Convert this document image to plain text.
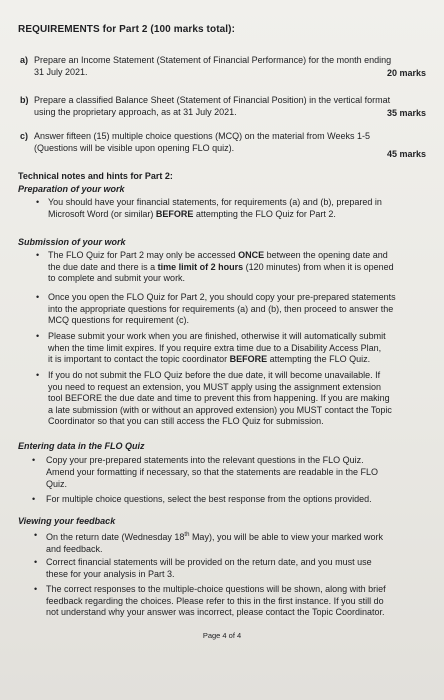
REQUIREMENTS for Part 2 (100 marks total):
a) Prepare an Income Statement (Statement of Financial Performance) for the month ending
31 July 2021.	20 marks
b) Prepare a classified Balance Sheet (Statement of Financial Position) in the vertical format
using the proprietary approach, as at 31 July 2021.	35 marks
c) Answer fifteen (15) multiple choice questions (MCQ) on the material from Weeks 1-5
(Questions will be visible upon opening FLO quiz).
45 marks
Technical notes and hints for Part 2:
Preparation of your work
• You should have your financial statements, for requirements (a) and (b), prepared in
Microsoft Word (or similar) BEFORE attempting the FLO Quiz for Part 2.
Submission of your work
• The FLO Quiz for Part 2 may only be accessed ONCE between the opening date and
the due date and there is a time limit of 2 hours (120 minutes) from when it is opened
to complete and submit your work.
• Once you open the FLO Quiz for Part 2, you should copy your pre-prepared statements
into the appropriate questions for requirements (a) and (b), then proceed to answer the
MCQ questions for requirement (c).
• Please submit your work when you are finished, otherwise it will automatically submit
when the time limit expires. If you require extra time due to a Disability Access Plan,
it is important to contact the topic coordinator BEFORE attempting the FLO Quiz.
• If you do not submit the FLO Quiz before the due date, it will become unavailable. If
you need to request an extension, you MUST apply using the assignment extension
tool BEFORE the due date and time to prevent this from happening. If you are making
a late submission (with or without an approved extension) you MUST contact the Topic
Coordinator so that you can still access the FLO Quiz for submission.
Entering data in the FLO Quiz
• Copy your pre-prepared statements into the relevant questions in the FLO Quiz.
Amend your formatting if necessary, so that the statements are readable in the FLO
Quiz.
• For multiple choice questions, select the best response from the options provided.
Viewing your feedback
• On the return date (Wednesday 18th May), you will be able to view your marked work
and feedback.
• Correct financial statements will be provided on the return date, and you must use
these for your analysis in Part 3.
• The correct responses to the multiple-choice questions will be shown, along with brief
feedback regarding the choices. Please refer to this in the first instance. If you still do
not understand why your answer was incorrect, please contact the Topic Coordinator.
Page 4 of 4
